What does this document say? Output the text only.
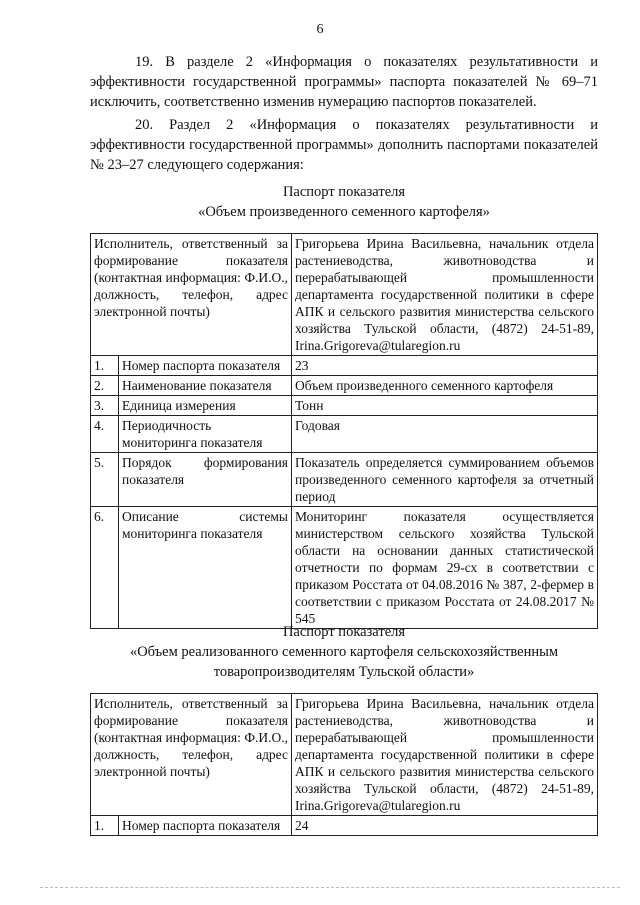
6

19. В разделе 2 «Информация о показателях результативности и эффективности государственной программы» паспорта показателей № 69–71 исключить, соответственно изменив нумерацию паспортов показателей.

20. Раздел 2 «Информация о показателях результативности и эффективности государственной программы» дополнить паспортами показателей № 23–27 следующего содержания:

Паспорт показателя
«Объем произведенного семенного картофеля»
Исполнитель, ответственный за формирование показателя (контактная информация: Ф.И.О., должность, телефон, адрес электронной почты)		Григорьева Ирина Васильевна, начальник отдела растениеводства, животноводства и перерабатывающей промышленности департамента государственной политики в сфере АПК и сельского развития министерства сельского хозяйства Тульской области, (4872) 24-51-89, Irina.Grigoreva@tularegion.ru
1.	Номер паспорта показателя	23
2.	Наименование показателя	Объем произведенного семенного картофеля
3.	Единица измерения	Тонн
4.	Периодичность мониторинга показателя	Годовая
5.	Порядок формирования показателя	Показатель определяется суммированием объемов произведенного семенного картофеля за отчетный период
6.	Описание системы мониторинга показателя	Мониторинг показателя осуществляется министерством сельского хозяйства Тульской области на основании данных статистической отчетности по формам 29-сх в соответствии с приказом Росстата от 04.08.2016 № 387, 2-фермер в соответствии с приказом Росстата от 24.08.2017 № 545
Паспорт показателя
«Объем реализованного семенного картофеля сельскохозяйственным
товаропроизводителям Тульской области»
Исполнитель, ответственный за формирование показателя (контактная информация: Ф.И.О., должность, телефон, адрес электронной почты)		Григорьева Ирина Васильевна, начальник отдела растениеводства, животноводства и перерабатывающей промышленности департамента государственной политики в сфере АПК и сельского развития министерства сельского хозяйства Тульской области, (4872) 24-51-89, Irina.Grigoreva@tularegion.ru
1.	Номер паспорта показателя	24
